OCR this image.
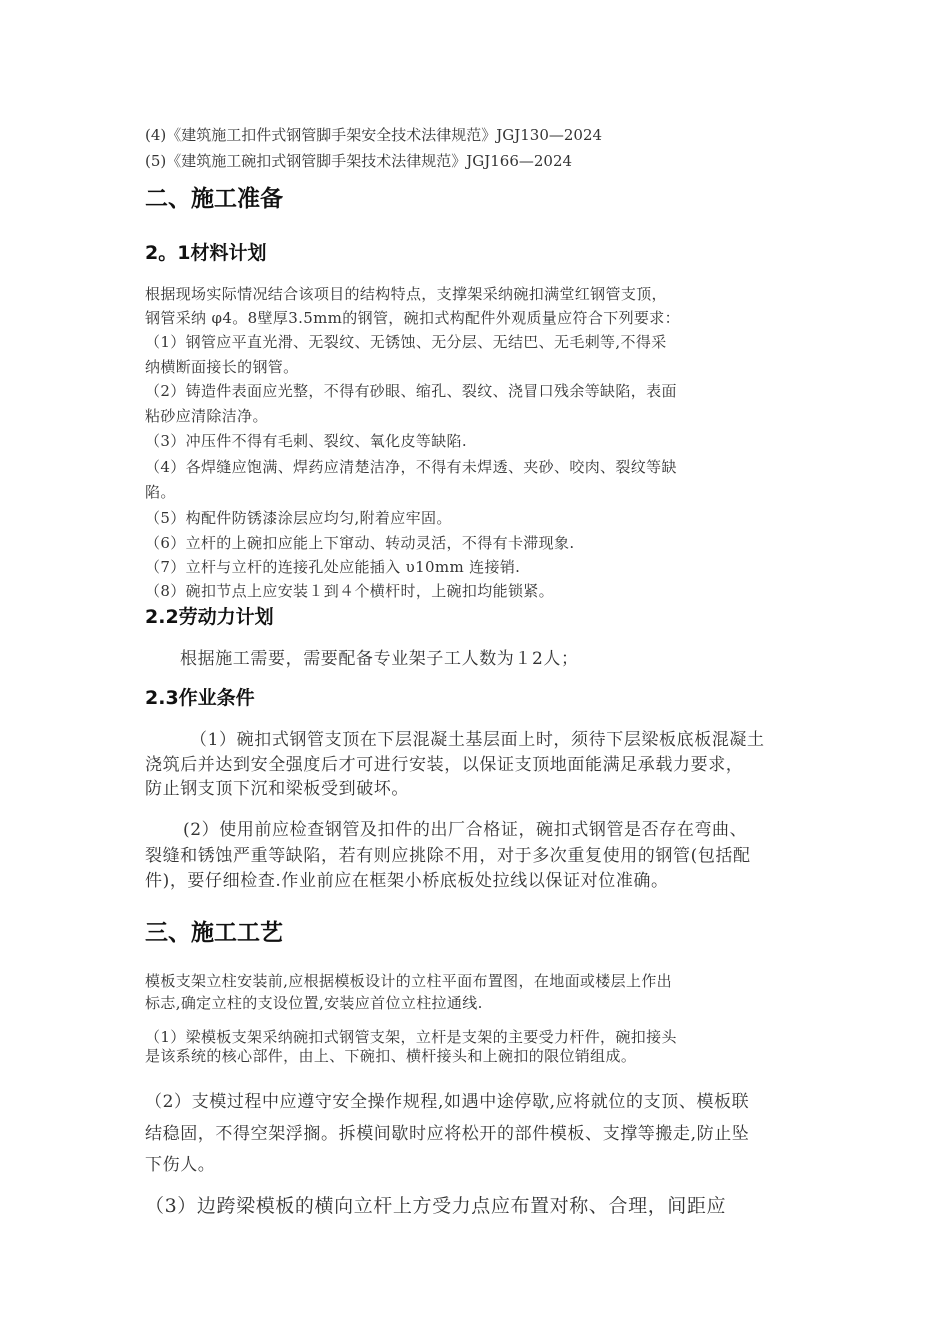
(4)《建筑施工扣件式钢管脚手架安全技术法律规范》JGJ130—2024
(5)《建筑施工碗扣式钢管脚手架技术法律规范》JGJ166—2024
二、施工准备
2。1材料计划
根据现场实际情况结合该项目的结构特点，支撑架采纳碗扣满堂红钢管支顶，
钢管采纳 φ4。8壁厚3.5mm的钢管，碗扣式构配件外观质量应符合下列要求：
（1）钢管应平直光滑、无裂纹、无锈蚀、无分层、无结巴、无毛刺等,不得采
纳横断面接长的钢管。
（2）铸造件表面应光整，不得有砂眼、缩孔、裂纹、浇冒口残余等缺陷，表面
粘砂应清除洁净。
（3）冲压件不得有毛刺、裂纹、氧化皮等缺陷.
（4）各焊缝应饱满、焊药应清楚洁净，不得有未焊透、夹砂、咬肉、裂纹等缺
陷。
（5）构配件防锈漆涂层应均匀,附着应牢固。
（6）立杆的上碗扣应能上下窜动、转动灵活，不得有卡滞现象.
（7）立杆与立杆的连接孔处应能插入 υ10mm 连接销.
（8）碗扣节点上应安装１到４个横杆时，上碗扣均能锁紧。
2.2劳动力计划
根据施工需要，需要配备专业架子工人数为１2人；
2.3作业条件
（1）碗扣式钢管支顶在下层混凝土基层面上时，须待下层梁板底板混凝土
浇筑后并达到安全强度后才可进行安装，以保证支顶地面能满足承载力要求，
防止钢支顶下沉和梁板受到破坏。
(2）使用前应检查钢管及扣件的出厂合格证，碗扣式钢管是否存在弯曲、
裂缝和锈蚀严重等缺陷，若有则应挑除不用，对于多次重复使用的钢管(包括配
件)，要仔细检查.作业前应在框架小桥底板处拉线以保证对位准确。
三、施工工艺
模板支架立柱安装前,应根据模板设计的立柱平面布置图，在地面或楼层上作出
标志,确定立柱的支设位置,安装应首位立柱拉通线.
（1）梁模板支架采纳碗扣式钢管支架，立杆是支架的主要受力杆件，碗扣接头
是该系统的核心部件，由上、下碗扣、横杆接头和上碗扣的限位销组成。
（2）支模过程中应遵守安全操作规程,如遇中途停歇,应将就位的支顶、模板联
结稳固，不得空架浮搁。拆模间歇时应将松开的部件模板、支撑等搬走,防止坠
下伤人。
（3）边跨梁模板的横向立杆上方受力点应布置对称、合理，间距应
